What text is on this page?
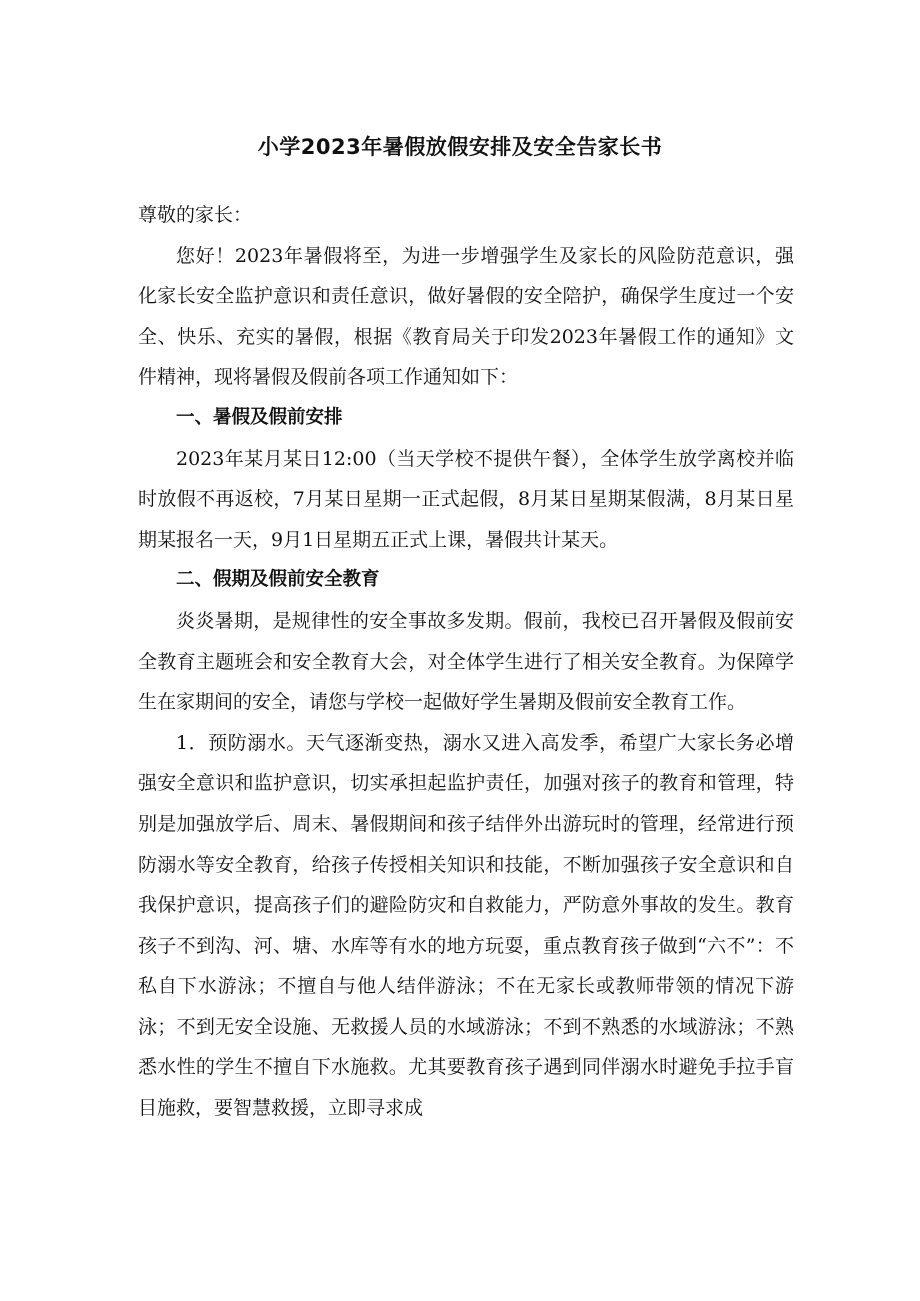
小学2023年暑假放假安排及安全告家长书

尊敬的家长：

您好！2023年暑假将至，为进一步增强学生及家长的风险防范意识，强化家长安全监护意识和责任意识，做好暑假的安全陪护，确保学生度过一个安全、快乐、充实的暑假，根据《教育局关于印发2023年暑假工作的通知》文件精神，现将暑假及假前各项工作通知如下：

一、暑假及假前安排

2023年某月某日12:00（当天学校不提供午餐），全体学生放学离校并临时放假不再返校，7月某日星期一正式起假，8月某日星期某假满，8月某日星期某报名一天，9月1日星期五正式上课，暑假共计某天。

二、假期及假前安全教育

炎炎暑期，是规律性的安全事故多发期。假前，我校已召开暑假及假前安全教育主题班会和安全教育大会，对全体学生进行了相关安全教育。为保障学生在家期间的安全，请您与学校一起做好学生暑期及假前安全教育工作。

1．预防溺水。天气逐渐变热，溺水又进入高发季，希望广大家长务必增强安全意识和监护意识，切实承担起监护责任，加强对孩子的教育和管理，特别是加强放学后、周末、暑假期间和孩子结伴外出游玩时的管理，经常进行预防溺水等安全教育，给孩子传授相关知识和技能，不断加强孩子安全意识和自我保护意识，提高孩子们的避险防灾和自救能力，严防意外事故的发生。教育孩子不到沟、河、塘、水库等有水的地方玩耍，重点教育孩子做到“六不”：不私自下水游泳；不擅自与他人结伴游泳；不在无家长或教师带领的情况下游泳；不到无安全设施、无救援人员的水域游泳；不到不熟悉的水域游泳；不熟悉水性的学生不擅自下水施救。尤其要教育孩子遇到同伴溺水时避免手拉手盲目施救，要智慧救援，立即寻求成
